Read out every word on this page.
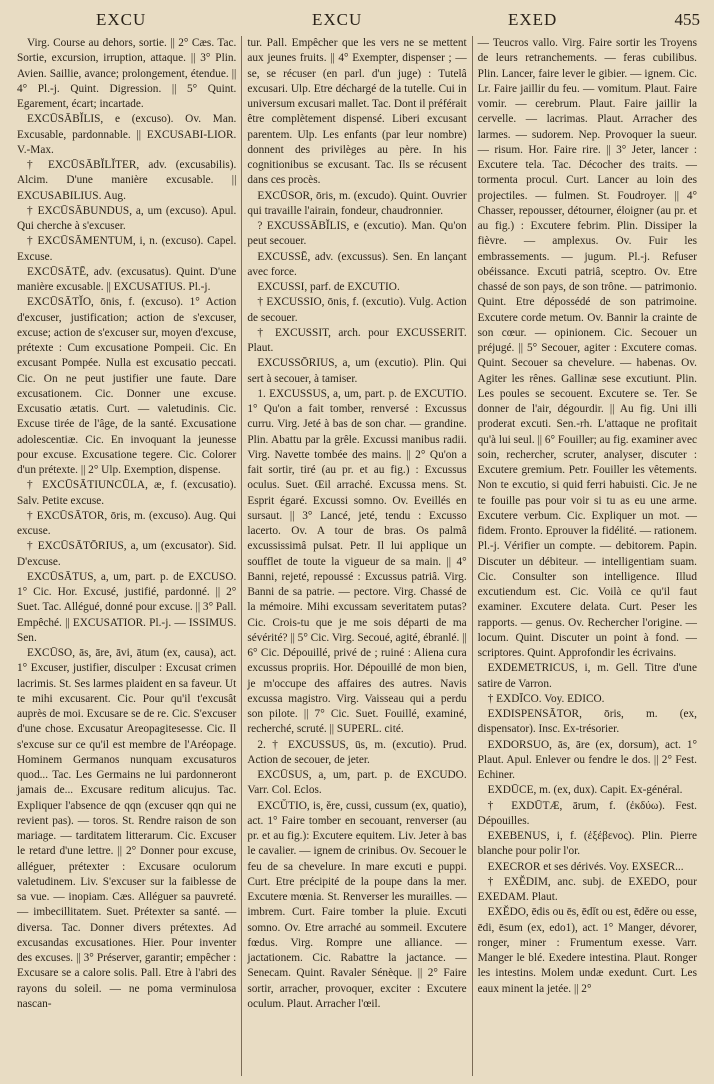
EXCU	EXCU	EXED	455

Virg. Course au dehors, sortie. || 2° Cæs. Tac. Sortie, excursion, irruption, attaque. || 3° Plin. Avien. Saillie, avance; prolongement, étendue. || 4° Pl.-j. Quint. Digression. || 5° Quint. Egarement, écart; incartade.

EXCŪSĀBĬLIS, e (excuso). Ov. Man. Excusable, pardonnable. || EXCUSABI-LIOR. V.-Max.

† EXCŪSĀBĬLĬTER, adv. (excusabilis). Alcim. D'une manière excusable. || EXCUSABILIUS. Aug.

† EXCŪSĀBUNDUS, a, um (excuso). Apul. Qui cherche à s'excuser.

† EXCŪSĀMENTUM, i, n. (excuso). Capel. Excuse.

EXCŪSĀTĒ, adv. (excusatus). Quint. D'une manière excusable. || EXCUSATIUS. Pl.-j.

EXCŪSĀTĬO, ōnis, f. (excuso). 1° Action d'excuser, justification; action de s'excuser, excuse; action de s'excuser sur, moyen d'excuse, prétexte : Cum excusatione Pompeii. Cic. En excusant Pompée. Nulla est excusatio peccati. Cic. On ne peut justifier une faute. Dare excusationem. Cic. Donner une excuse. Excusatio ætatis. Curt. — valetudinis. Cic. Excuse tirée de l'âge, de la santé. Excusatione adolescentiæ. Cic. En invoquant la jeunesse pour excuse. Excusatione tegere. Cic. Colorer d'un prétexte. || 2° Ulp. Exemption, dispense.

† EXCŪSĀTIUNCŪLA, æ, f. (excusatio). Salv. Petite excuse.

† EXCŪSĀTOR, ōris, m. (excuso). Aug. Qui excuse.

† EXCŪSĀTŌRIUS, a, um (excusator). Sid. D'excuse.

EXCŪSĀTUS, a, um, part. p. de EXCUSO. 1° Cic. Hor. Excusé, justifié, pardonné. || 2° Suet. Tac. Allégué, donné pour excuse. || 3° Pall. Empêché. || EXCUSATIOR. Pl.-j. — ISSIMUS. Sen.

EXCŪSO, ās, āre, āvi, ātum (ex, causa), act. 1° Excuser, justifier, disculper : Excusat crimen lacrimis. St. Ses larmes plaident en sa faveur. Ut te mihi excusarent. Cic. Pour qu'il t'excusât auprès de moi. Excusare se de re. Cic. S'excuser d'une chose. Excusatur Areopagitesesse. Cic. Il s'excuse sur ce qu'il est membre de l'Aréopage. Hominem Germanos nunquam excusaturos quod... Tac. Les Germains ne lui pardonneront jamais de... Excusare reditum alicujus. Tac. Expliquer l'absence de qqn (excuser qqn qui ne revient pas). — toros. St. Rendre raison de son mariage. — tarditatem litterarum. Cic. Excuser le retard d'une lettre. || 2° Donner pour excuse, alléguer, prétexter : Excusare oculorum valetudinem. Liv. S'excuser sur la faiblesse de sa vue. — inopiam. Cæs. Alléguer sa pauvreté. — imbecillitatem. Suet. Prétexter sa santé. — diversa. Tac. Donner divers prétextes. Ad excusandas excusationes. Hier. Pour inventer des excuses. || 3° Préserver, garantir; empêcher : Excusare se a calore solis. Pall. Etre à l'abri des rayons du soleil. — ne poma verminulosa nascan-

tur. Pall. Empêcher que les vers ne se mettent aux jeunes fruits. || 4° Exempter, dispenser ; — se, se récuser (en parl. d'un juge) : Tutelâ excusari. Ulp. Etre déchargé de la tutelle. Cui in universum excusari mallet. Tac. Dont il préférait être complètement dispensé. Liberi excusant parentem. Ulp. Les enfants (par leur nombre) donnent des privilèges au père. In his cognitionibus se excusant. Tac. Ils se récusent dans ces procès.

EXCŪSOR, ōris, m. (excudo). Quint. Ouvrier qui travaille l'airain, fondeur, chaudronnier.

? EXCUSSĀBĬLIS, e (excutio). Man. Qu'on peut secouer.

EXCUSSĒ, adv. (excussus). Sen. En lançant avec force.

EXCUSSI, parf. de EXCUTIO.

† EXCUSSIO, ōnis, f. (excutio). Vulg. Action de secouer.

† EXCUSSIT, arch. pour EXCUSSERIT. Plaut.

EXCUSSŌRIUS, a, um (excutio). Plin. Qui sert à secouer, à tamiser.

1. EXCUSSUS, a, um, part. p. de EXCUTIO. 1° Qu'on a fait tomber, renversé : Excussus curru. Virg. Jeté à bas de son char. — grandine. Plin. Abattu par la grêle. Excussi manibus radii. Virg. Navette tombée des mains. || 2° Qu'on a fait sortir, tiré (au pr. et au fig.) : Excussus oculus. Suet. Œil arraché. Excussa mens. St. Esprit égaré. Excussi somno. Ov. Eveillés en sursaut. || 3° Lancé, jeté, tendu : Excusso lacerto. Ov. A tour de bras. Os palmâ excussissimâ pulsat. Petr. Il lui applique un soufflet de toute la vigueur de sa main. || 4° Banni, rejeté, repoussé : Excussus patriâ. Virg. Banni de sa patrie. — pectore. Virg. Chassé de la mémoire. Mihi excussam severitatem putas? Cic. Crois-tu que je me sois départi de ma sévérité? || 5° Cic. Virg. Secoué, agité, ébranlé. || 6° Cic. Dépouillé, privé de ; ruiné : Aliena cura excussus propriis. Hor. Dépouillé de mon bien, je m'occupe des affaires des autres. Navis excussa magistro. Virg. Vaisseau qui a perdu son pilote. || 7° Cic. Suet. Fouillé, examiné, recherché, scruté. || SUPERL. cité.

2. † EXCUSSUS, ūs, m. (excutio). Prud. Action de secouer, de jeter.

EXCŪSUS, a, um, part. p. de EXCUDO. Varr. Col. Eclos.

EXCŬTIO, is, ĕre, cussi, cussum (ex, quatio), act. 1° Faire tomber en secouant, renverser (au pr. et au fig.): Excutere equitem. Liv. Jeter à bas le cavalier. — ignem de crinibus. Ov. Secouer le feu de sa chevelure. In mare excuti e puppi. Curt. Etre précipité de la poupe dans la mer. Excutere mœnia. St. Renverser les murailles. — imbrem. Curt. Faire tomber la pluie. Excuti somno. Ov. Etre arraché au sommeil. Excutere fœdus. Virg. Rompre une alliance. — jactationem. Cic. Rabattre la jactance. — Senecam. Quint. Ravaler Sénèque. || 2° Faire sortir, arracher, provoquer, exciter : Excutere oculum. Plaut. Arracher l'œil.

— Teucros vallo. Virg. Faire sortir les Troyens de leurs retranchements. — feras cubilibus. Plin. Lancer, faire lever le gibier. — ignem. Cic. Lr. Faire jaillir du feu. — vomitum. Plaut. Faire vomir. — cerebrum. Plaut. Faire jaillir la cervelle. — lacrimas. Plaut. Arracher des larmes. — sudorem. Nep. Provoquer la sueur. — risum. Hor. Faire rire. || 3° Jeter, lancer : Excutere tela. Tac. Décocher des traits. — tormenta procul. Curt. Lancer au loin des projectiles. — fulmen. St. Foudroyer. || 4° Chasser, repousser, détourner, éloigner (au pr. et au fig.) : Excutere febrim. Plin. Dissiper la fièvre. — amplexus. Ov. Fuir les embrassements. — jugum. Pl.-j. Refuser obéissance. Excuti patriâ, sceptro. Ov. Etre chassé de son pays, de son trône. — patrimonio. Quint. Etre dépossédé de son patrimoine. Excutere corde metum. Ov. Bannir la crainte de son cœur. — opinionem. Cic. Secouer un préjugé. || 5° Secouer, agiter : Excutere comas. Quint. Secouer sa chevelure. — habenas. Ov. Agiter les rênes. Gallinæ sese excutiunt. Plin. Les poules se secouent. Excutere se. Ter. Se donner de l'air, dégourdir. || Au fig. Uni illi proderat excuti. Sen.-rh. L'attaque ne profitait qu'à lui seul. || 6° Fouiller; au fig. examiner avec soin, rechercher, scruter, analyser, discuter : Excutere gremium. Petr. Fouiller les vêtements. Non te excutio, si quid ferri habuisti. Cic. Je ne te fouille pas pour voir si tu as eu une arme. Excutere verbum. Cic. Expliquer un mot. — fidem. Fronto. Eprouver la fidélité. — rationem. Pl.-j. Vérifier un compte. — debitorem. Papin. Discuter un débiteur. — intelligentiam suam. Cic. Consulter son intelligence. Illud excutiendum est. Cic. Voilà ce qu'il faut examiner. Excutere delata. Curt. Peser les rapports. — genus. Ov. Rechercher l'origine. — locum. Quint. Discuter un point à fond. — scriptores. Quint. Approfondir les écrivains.

EXDEMETRICUS, i, m. Gell. Titre d'une satire de Varron.

† EXDĪCO. Voy. EDICO.

EXDISPENSĀTOR, ōris, m. (ex, dispensator). Insc. Ex-trésorier.

EXDORSUO, ās, āre (ex, dorsum), act. 1° Plaut. Apul. Enlever ou fendre le dos. || 2° Fest. Echiner.

EXDŪCE, m. (ex, dux). Capit. Ex-général.

† EXDŪTÆ, ārum, f. (ἐκδύω). Fest. Dépouilles.

EXEBENUS, i, f. (ἐξέβενος). Plin. Pierre blanche pour polir l'or.

EXECROR et ses dérivés. Voy. EXSECR...

† EXĔDIM, anc. subj. de EXEDO, pour EXEDAM. Plaut.

EXĔDO, ēdis ou ēs, ēdĭt ou est, ēdĕre ou esse, ēdi, ēsum (ex, edo1), act. 1° Manger, dévorer, ronger, miner : Frumentum exesse. Varr. Manger le blé. Exedere intestina. Plaut. Ronger les intestins. Molem undæ exedunt. Curt. Les eaux minent la jetée. || 2°
